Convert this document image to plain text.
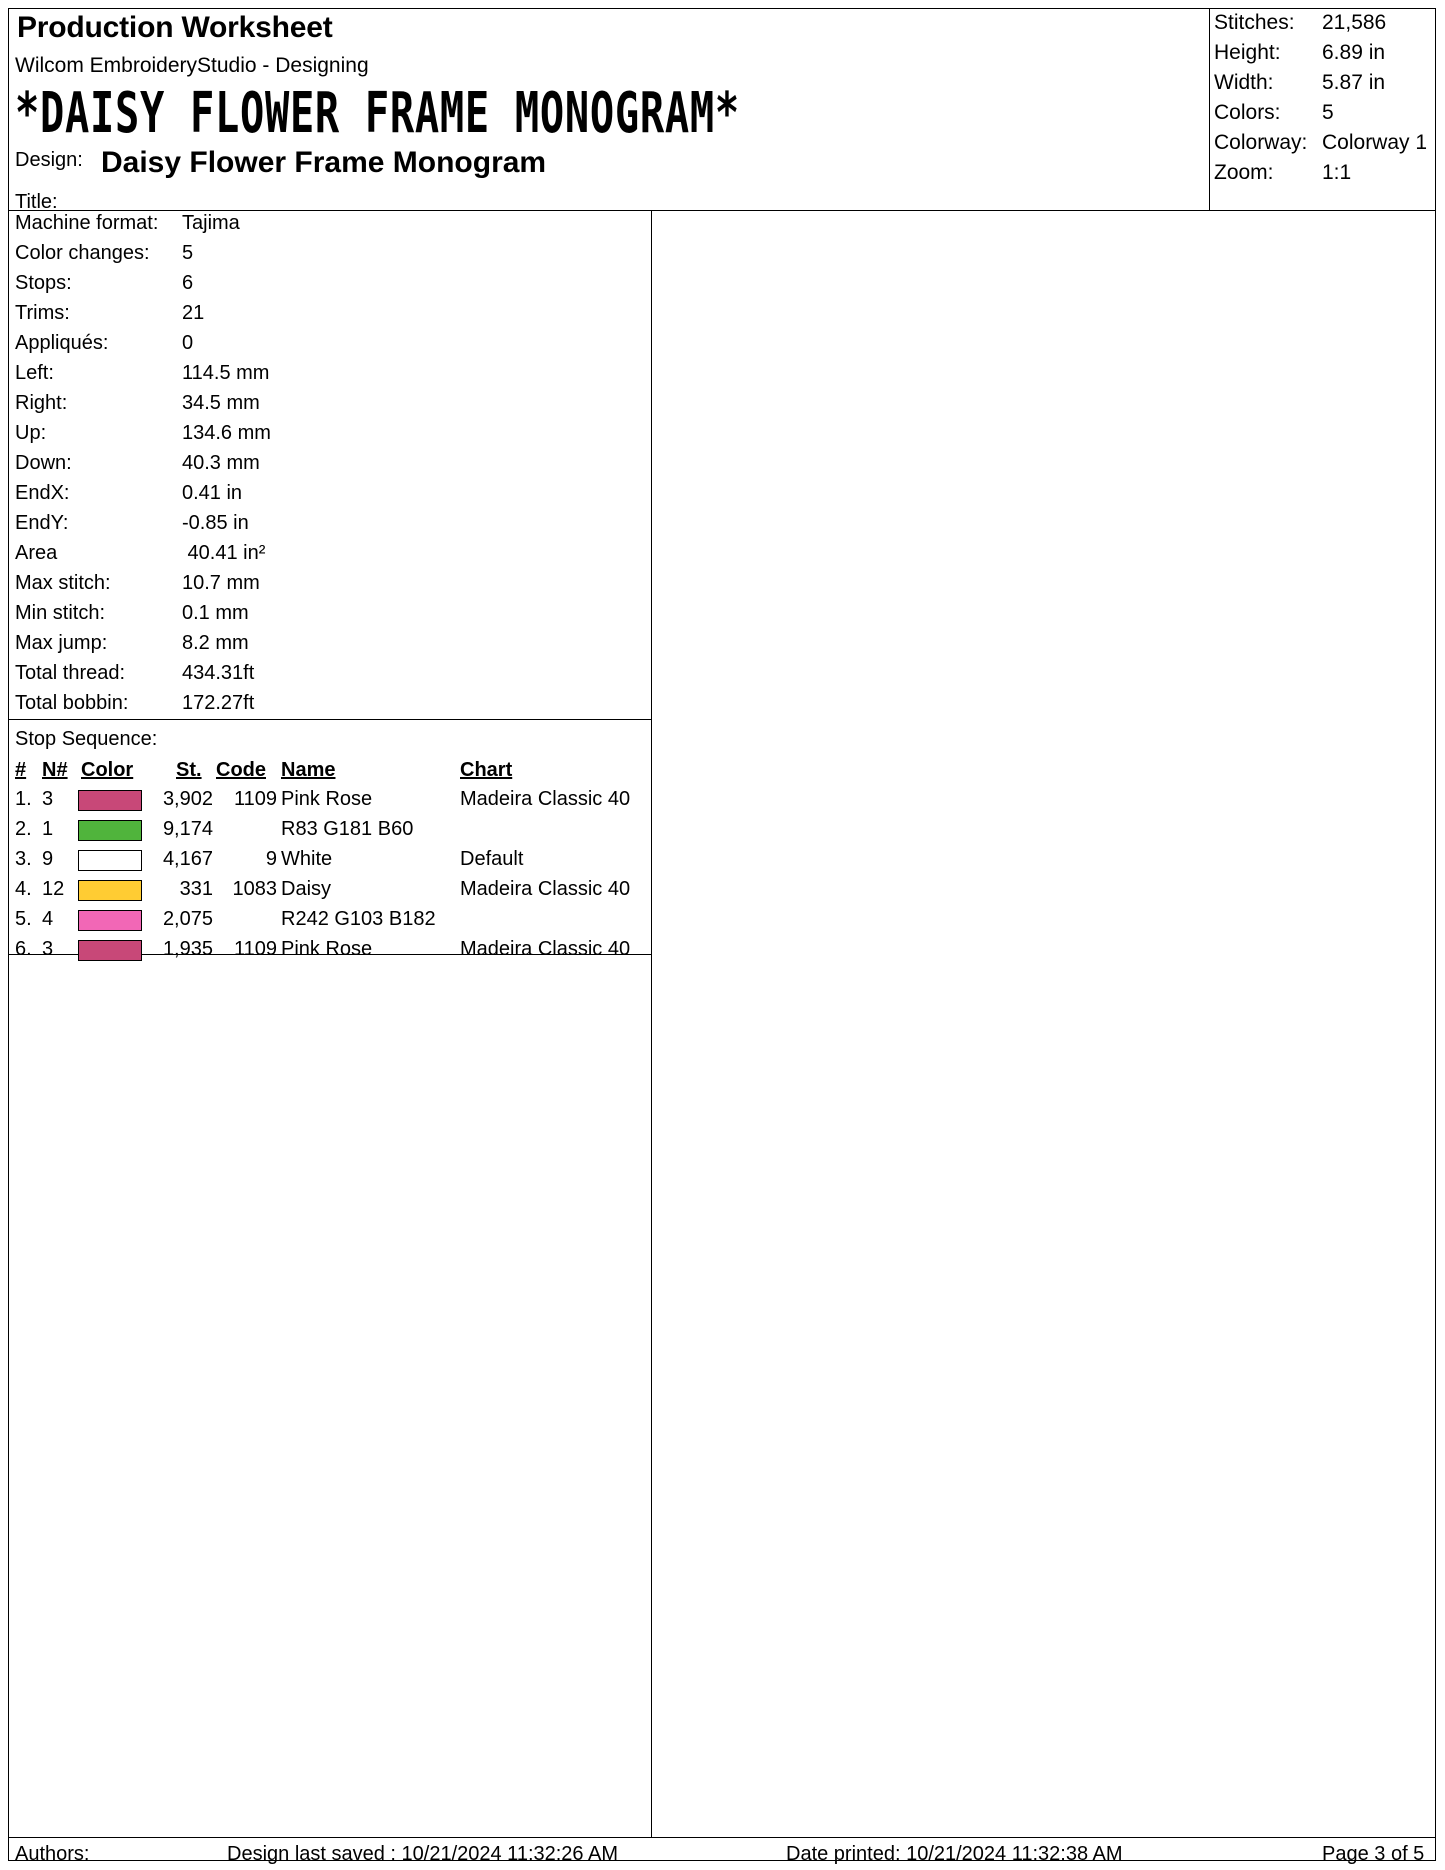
Production Worksheet
Wilcom EmbroideryStudio - Designing
*DAISY FLOWER FRAME MONOGRAM*
Design: Daisy Flower Frame Monogram
Title:
Stitches: 21,586
Height: 6.89 in
Width: 5.87 in
Colors: 5
Colorway: Colorway 1
Zoom: 1:1
Machine format: Tajima
Color changes: 5
Stops:	6
Trims:	21
Appliqués:	0
Left:	114.5 mm
Right:	34.5 mm
Up:	134.6 mm
Down:	40.3 mm
EndX:	0.41 in
EndY:	-0.85 in
Area	40.41 in²
Max stitch:	10.7 mm
Min stitch:	0.1 mm
Max jump:	8.2 mm
Total thread:	434.31ft
Total bobbin:	172.27ft
Stop Sequence:
# N# Color St. Code Name	Chart
1. 3	3,902	1109 Pink Rose	Madeira Classic 40
2. 1	9,174	R83 G181 B60
3. 9	4,167	9 White	Default
4. 12	331 1083 Daisy	Madeira Classic 40
5. 4	2,075	R242 G103 B182
6. 3	1,935	1109 Pink Rose	Madeira Classic 40
Authors:	Design last saved : 10/21/2024 11:32:26 AM	Date printed: 10/21/2024 11:32:38 AM	Page 3 of 5
